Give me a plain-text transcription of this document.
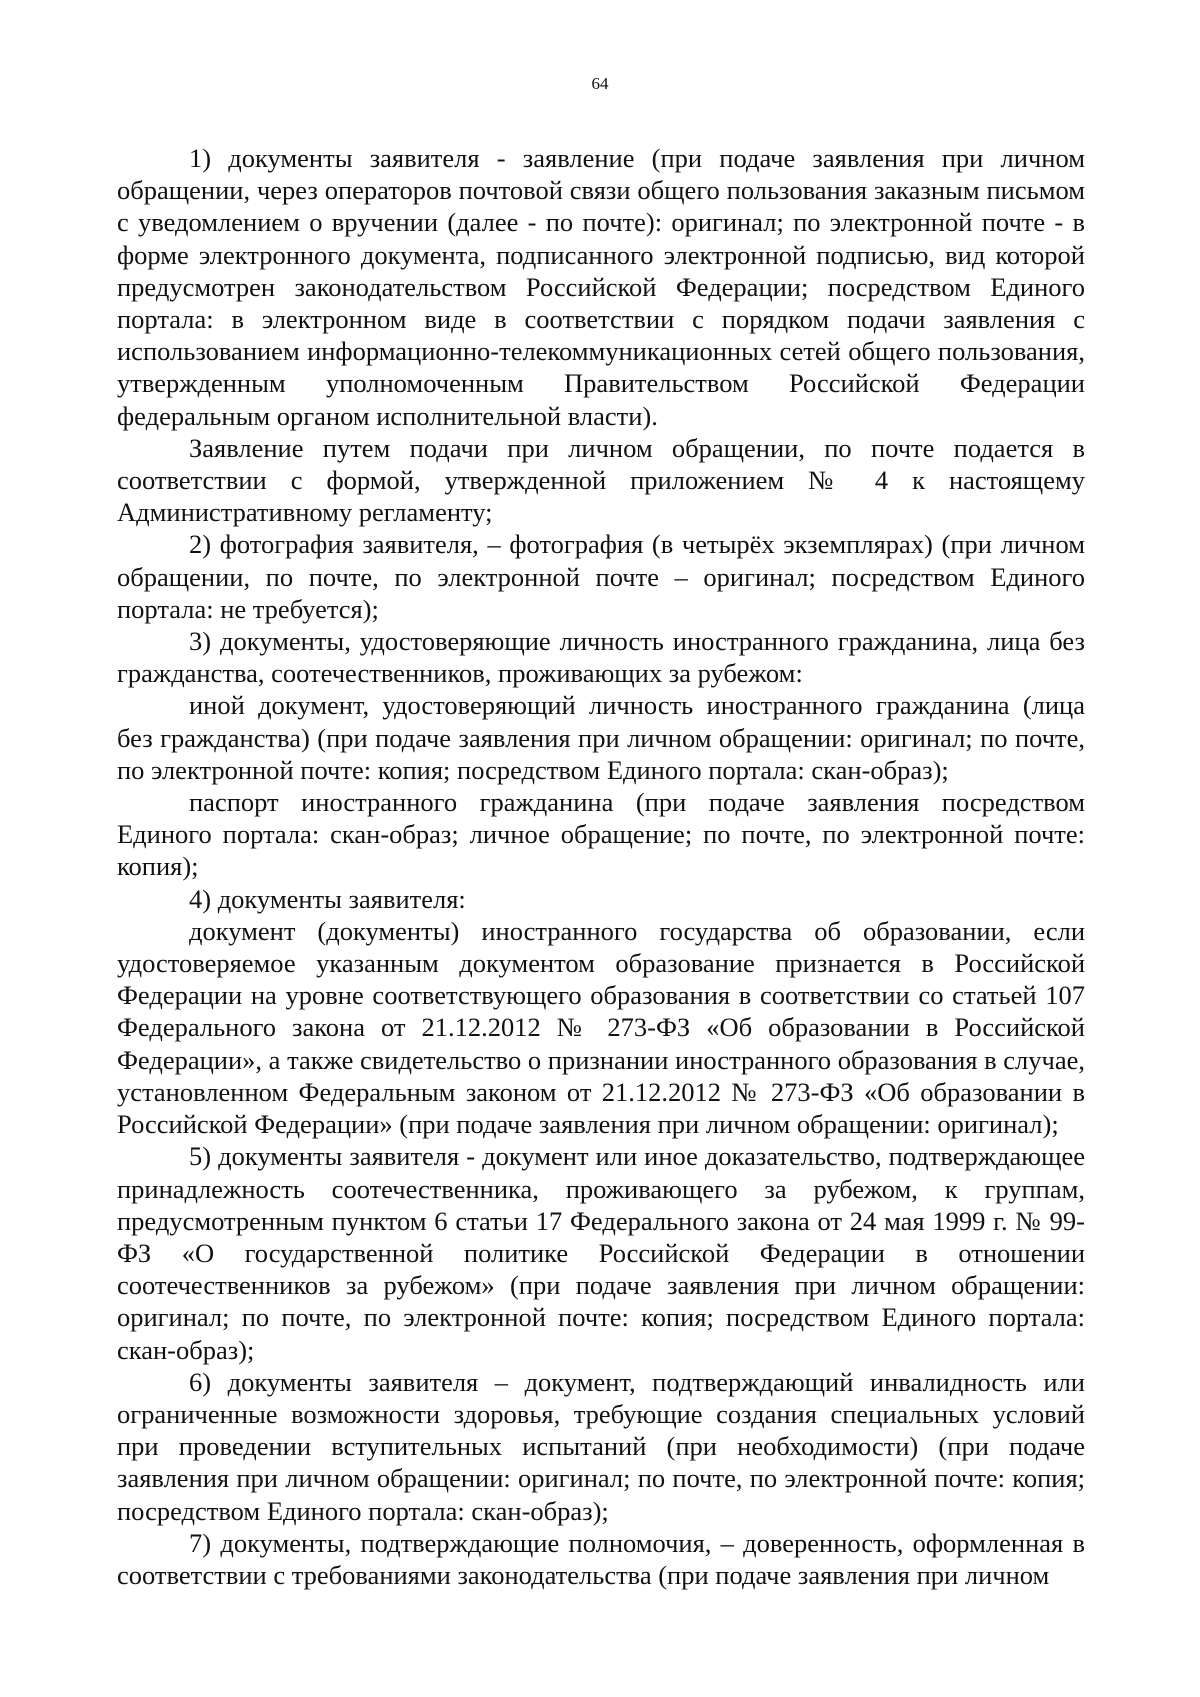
64

1) документы заявителя - заявление (при подаче заявления при личном обращении, через операторов почтовой связи общего пользования заказным письмом с уведомлением о вручении (далее - по почте): оригинал; по электронной почте - в форме электронного документа, подписанного электронной подписью, вид которой предусмотрен законодательством Российской Федерации; посредством Единого портала: в электронном виде в соответствии с порядком подачи заявления с использованием информационно-телекоммуникационных сетей общего пользования, утвержденным уполномоченным Правительством Российской Федерации федеральным органом исполнительной власти).

Заявление путем подачи при личном обращении, по почте подается в соответствии с формой, утвержденной приложением № 4 к настоящему Административному регламенту;

2) фотография заявителя, – фотография (в четырёх экземплярах) (при личном обращении, по почте, по электронной почте – оригинал; посредством Единого портала: не требуется);

3) документы, удостоверяющие личность иностранного гражданина, лица без гражданства, соотечественников, проживающих за рубежом:

иной документ, удостоверяющий личность иностранного гражданина (лица без гражданства) (при подаче заявления при личном обращении: оригинал; по почте, по электронной почте: копия; посредством Единого портала: скан-образ);

паспорт иностранного гражданина (при подаче заявления посредством Единого портала: скан-образ; личное обращение; по почте, по электронной почте: копия);

4) документы заявителя:

документ (документы) иностранного государства об образовании, если удостоверяемое указанным документом образование признается в Российской Федерации на уровне соответствующего образования в соответствии со статьей 107 Федерального закона от 21.12.2012 № 273-ФЗ «Об образовании в Российской Федерации», а также свидетельство о признании иностранного образования в случае, установленном Федеральным законом от 21.12.2012 № 273-ФЗ «Об образовании в Российской Федерации» (при подаче заявления при личном обращении: оригинал);

5) документы заявителя - документ или иное доказательство, подтверждающее принадлежность соотечественника, проживающего за рубежом, к группам, предусмотренным пунктом 6 статьи 17 Федерального закона от 24 мая 1999 г. № 99-ФЗ «О государственной политике Российской Федерации в отношении соотечественников за рубежом» (при подаче заявления при личном обращении: оригинал; по почте, по электронной почте: копия; посредством Единого портала: скан-образ);

6) документы заявителя – документ, подтверждающий инвалидность или ограниченные возможности здоровья, требующие создания специальных условий при проведении вступительных испытаний (при необходимости) (при подаче заявления при личном обращении: оригинал; по почте, по электронной почте: копия; посредством Единого портала: скан-образ);

7) документы, подтверждающие полномочия, – доверенность, оформленная в соответствии с требованиями законодательства (при подаче заявления при личном
